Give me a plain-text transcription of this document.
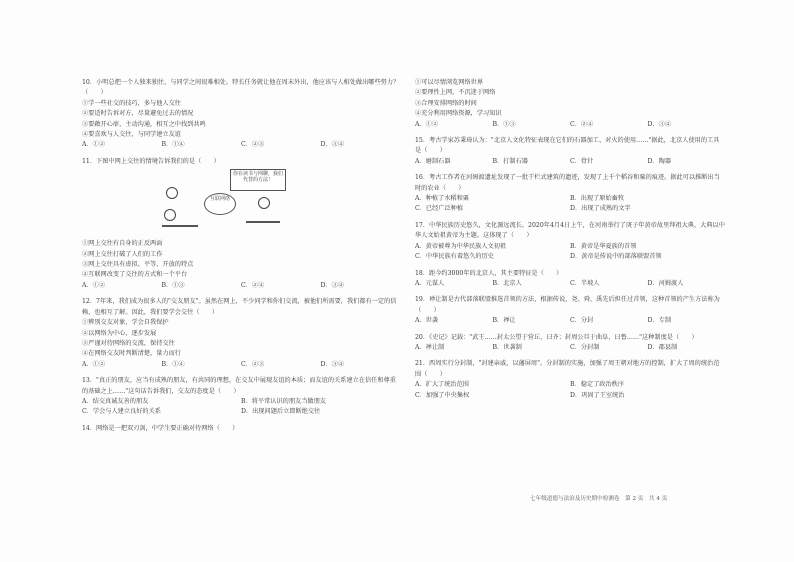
10．小明总把一个人独来独往，与同学之间很难相处。特长任务就让他在周末外出，他应该与人相处做出哪些努力？（　　）
①学一些社交的技巧，多与他人交往
②要适时告诉对方，尽量避免过去的情况
③要敞开心扉，主动沟通，相互之中找到共鸣
④要喜欢与人交往，与同学建立友谊
A．①②	B．①④	C．②③	D．③④
11．下图中网上交往的情境告诉我们的是（　　）
你在读书与网聊，我们代替的方法！
互联网络
①网上交往有自身的正反两面
②网上交往打破了人们的工作
③网上交往具有虚拟、平等、开放的特点
④互联网改变了交往的方式和一个平台
A．①②	B．①③	C．②④	D．③④
12．7年来，我们成为很多人的"交友朋友"。虽然在网上，不少同学和你们交流，被他们所需要，我们都有一定的信赖，也相互了解。因此，我们要学会交往（　　）
①辨别交友对象，学会自我保护
②以网络为中心，逐步发展
③严谨对待网络的交流，保持交往
④在网络交友时判断清楚，量力而行
A．①②	B．①④	C．②③	D．③④
13．"真正的朋友，应当有成熟的朋友，有共同的理想，在交友中展现友谊的本质；而友谊的关系建立在信任和尊重的基础之上……"这句话告诉我们，交友的态度是（　　）
A．结交真诚友善的朋友	B．将平常认识的朋友当做朋友
C．学会与人建立良好的关系	D．出现问题后立即断绝交往
14．网络是一把双刃剑，中学生要正确对待网络（　　）
①可以尽情浏览网络世界
②要理性上网，不沉迷于网络
③合理安排网络的时间
④充分利用网络资源，学习知识
A．①②	B．①③	C．②④	D．③④
15．考古学家苏秉琦认为："北京人文化特征表现在它们的石器加工、对火的使用……"据此，北京人使用的工具是（　　）
A．磨制石器	B．打制石器	C．骨针	D．陶器
16．考古工作者在河姆渡遗址发现了一批干栏式建筑的遗迹，发现了上千个稻谷和粟的痕迹。据此可以推断出当时的农业（　　）
A．种植了水稻和粟	B．出现了原始畜牧
C．已经广泛种植	D．出现了成熟的文字
17．中华民族历史悠久，文化源远流长。2020年4月4日上午，在河南举行了庚子年黄帝故里拜祖大典，大典以中华人文始祖黄帝为主题。这体现了（　　）
A．黄帝被尊为中华民族人文初祖	B．黄帝是华夏族的首领
C．中华民族有着悠久的历史	D．黄帝是传说中的部落联盟首领
18．距今约3000年的北京人，其主要特征是（　　）
A．元谋人	B．北京人	C．半坡人	D．河姆渡人
19．禅让制是古代部落联盟推选首领的方法，根据传说，尧、舜、禹先后担任过首领，这种首领的产生方法称为（　　）
A．世袭	B．禅让	C．分封	D．专制
20．《史记》记载："武王……封太公望于营丘，曰齐；封周公旦于曲阜，曰鲁……"这种制度是（　　）
A．禅让制	B．世袭制	C．分封制	D．郡县制
21．西周实行分封制，"封建亲戚，以藩屏周"。分封制的实施，加强了周王朝对地方的控制，扩大了周的统治范围（　　）
A．扩大了统治范围	B．稳定了政治秩序
C．加强了中央集权	D．巩固了王室统治
七年级道德与法治及历史期中检测卷　第 2 页　共 4 页
